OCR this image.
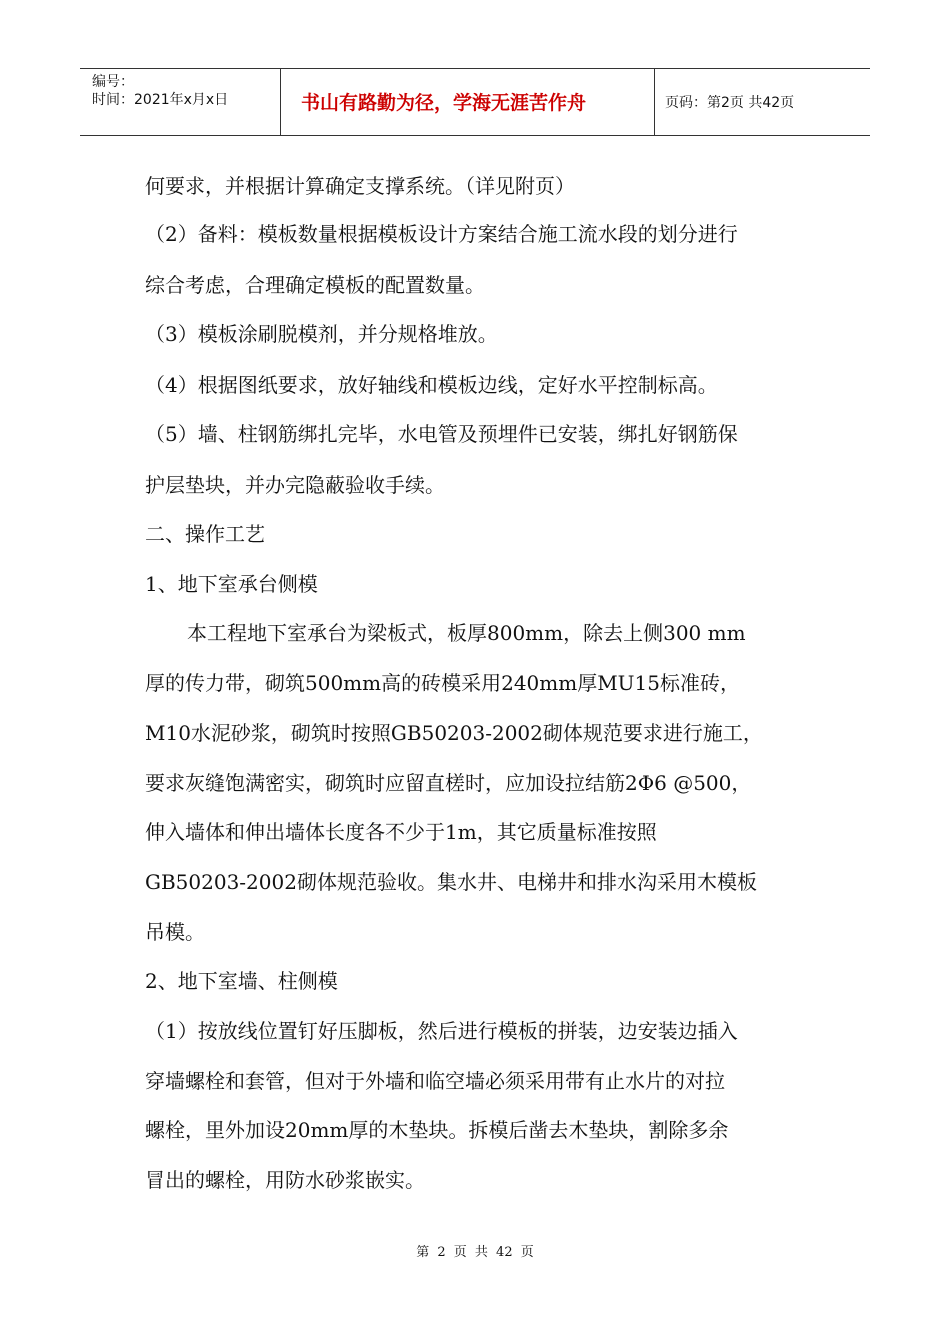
编号：
时间：2021年x月x日	书山有路勤为径，学海无涯苦作舟	页码：第2页 共42页
何要求，并根据计算确定支撑系统。（详见附页）
（2）备料：模板数量根据模板设计方案结合施工流水段的划分进行
综合考虑，合理确定模板的配置数量。
（3）模板涂刷脱模剂，并分规格堆放。
（4）根据图纸要求，放好轴线和模板边线，定好水平控制标高。
（5）墙、柱钢筋绑扎完毕，水电管及预埋件已安装，绑扎好钢筋保
护层垫块，并办完隐蔽验收手续。
二、操作工艺
1、地下室承台侧模
本工程地下室承台为梁板式，板厚800mm，除去上侧300 mm
厚的传力带，砌筑500mm高的砖模采用240mm厚MU15标准砖，
M10水泥砂浆，砌筑时按照GB50203-2002砌体规范要求进行施工，
要求灰缝饱满密实，砌筑时应留直槎时，应加设拉结筋2Φ6 @500，
伸入墙体和伸出墙体长度各不少于1m，其它质量标准按照
GB50203-2002砌体规范验收。集水井、电梯井和排水沟采用木模板
吊模。
2、地下室墙、柱侧模
（1）按放线位置钉好压脚板，然后进行模板的拼装，边安装边插入
穿墙螺栓和套管，但对于外墙和临空墙必须采用带有止水片的对拉
螺栓，里外加设20mm厚的木垫块。拆模后凿去木垫块，割除多余
冒出的螺栓，用防水砂浆嵌实。
第 2 页 共 42 页
